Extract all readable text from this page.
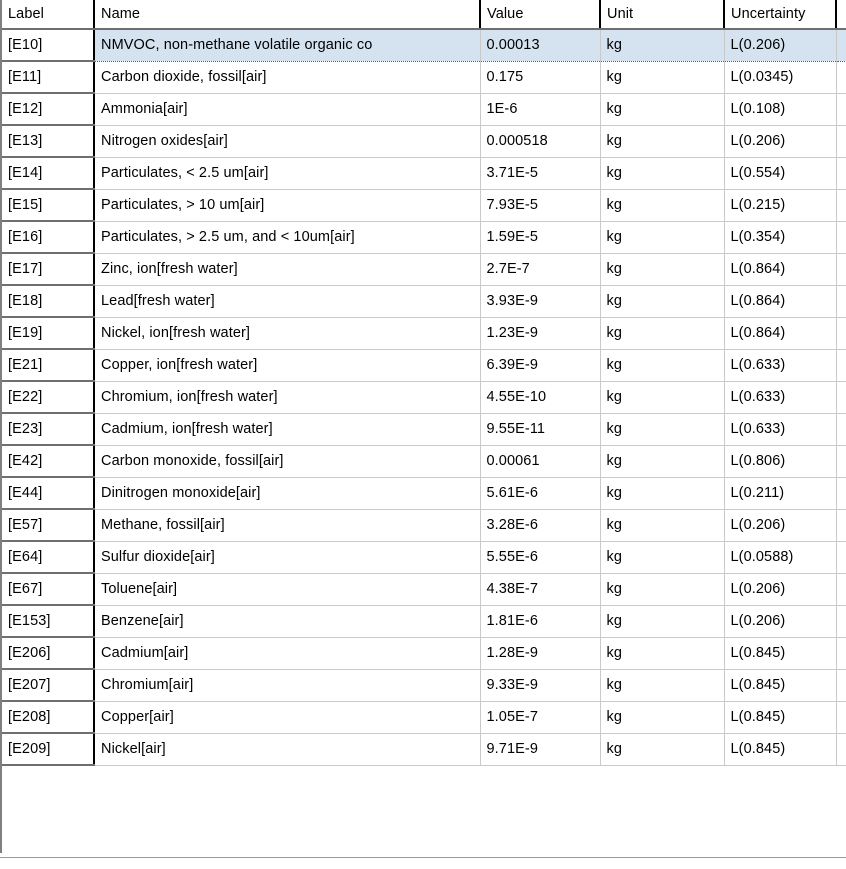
Label	Name	Value	Unit	Uncertainty	
[E10]	NMVOC, non-methane volatile organic co	0.00013	kg	L(0.206)	
[E11]	Carbon dioxide, fossil[air]	0.175	kg	L(0.0345)	
[E12]	Ammonia[air]	1E-6	kg	L(0.108)	
[E13]	Nitrogen oxides[air]	0.000518	kg	L(0.206)	
[E14]	Particulates, < 2.5 um[air]	3.71E-5	kg	L(0.554)	
[E15]	Particulates, > 10 um[air]	7.93E-5	kg	L(0.215)	
[E16]	Particulates, > 2.5 um, and < 10um[air]	1.59E-5	kg	L(0.354)	
[E17]	Zinc, ion[fresh water]	2.7E-7	kg	L(0.864)	
[E18]	Lead[fresh water]	3.93E-9	kg	L(0.864)	
[E19]	Nickel, ion[fresh water]	1.23E-9	kg	L(0.864)	
[E21]	Copper, ion[fresh water]	6.39E-9	kg	L(0.633)	
[E22]	Chromium, ion[fresh water]	4.55E-10	kg	L(0.633)	
[E23]	Cadmium, ion[fresh water]	9.55E-11	kg	L(0.633)	
[E42]	Carbon monoxide, fossil[air]	0.00061	kg	L(0.806)	
[E44]	Dinitrogen monoxide[air]	5.61E-6	kg	L(0.211)	
[E57]	Methane, fossil[air]	3.28E-6	kg	L(0.206)	
[E64]	Sulfur dioxide[air]	5.55E-6	kg	L(0.0588)	
[E67]	Toluene[air]	4.38E-7	kg	L(0.206)	
[E153]	Benzene[air]	1.81E-6	kg	L(0.206)	
[E206]	Cadmium[air]	1.28E-9	kg	L(0.845)	
[E207]	Chromium[air]	9.33E-9	kg	L(0.845)	
[E208]	Copper[air]	1.05E-7	kg	L(0.845)	
[E209]	Nickel[air]	9.71E-9	kg	L(0.845)	
